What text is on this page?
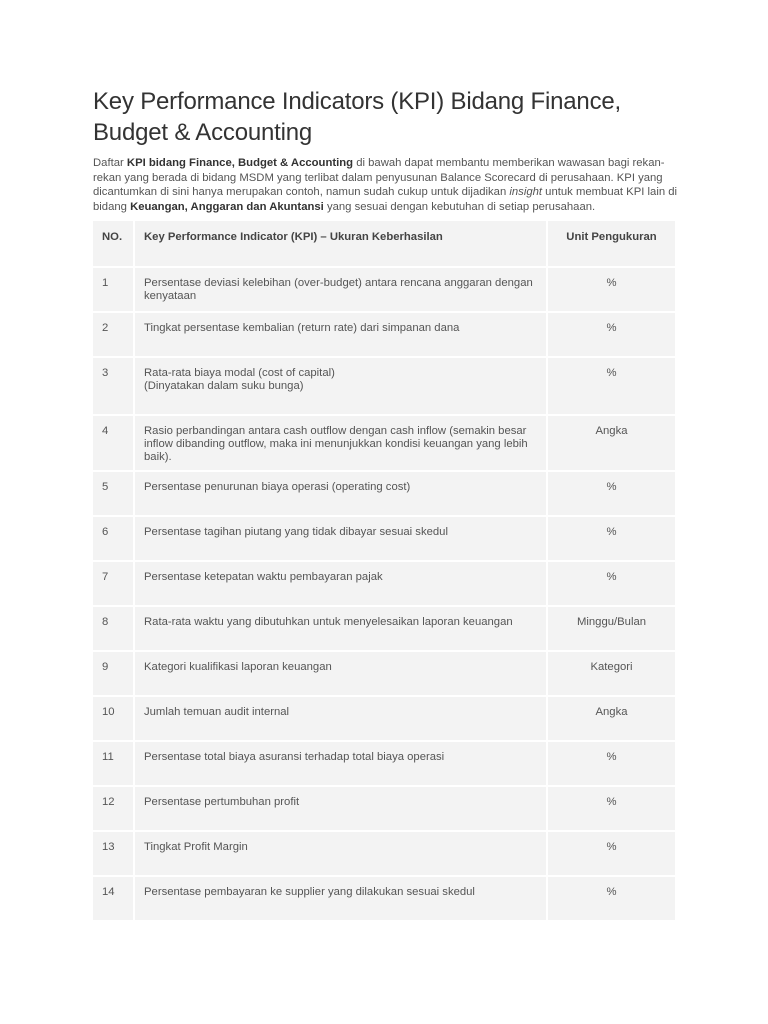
Key Performance Indicators (KPI) Bidang Finance, Budget & Accounting

Daftar KPI bidang Finance, Budget & Accounting di bawah dapat membantu memberikan wawasan bagi rekan-rekan yang berada di bidang MSDM yang terlibat dalam penyusunan Balance Scorecard di perusahaan. KPI yang dicantumkan di sini hanya merupakan contoh, namun sudah cukup untuk dijadikan insight untuk membuat KPI lain di bidang Keuangan, Anggaran dan Akuntansi yang sesuai dengan kebutuhan di setiap perusahaan.

NO.	Key Performance Indicator (KPI) – Ukuran Keberhasilan	Unit Pengukuran
1	Persentase deviasi kelebihan (over-budget) antara rencana anggaran dengan kenyataan	%
2	Tingkat persentase kembalian (return rate) dari simpanan dana	%
3	Rata-rata biaya modal (cost of capital)
(Dinyatakan dalam suku bunga)	%
4	Rasio perbandingan antara cash outflow dengan cash inflow (semakin besar inflow dibanding outflow, maka ini menunjukkan kondisi keuangan yang lebih baik).	Angka
5	Persentase penurunan biaya operasi (operating cost)	%
6	Persentase tagihan piutang yang tidak dibayar sesuai skedul	%
7	Persentase ketepatan waktu pembayaran pajak	%
8	Rata-rata waktu yang dibutuhkan untuk menyelesaikan laporan keuangan	Minggu/Bulan
9	Kategori kualifikasi laporan keuangan	Kategori
10	Jumlah temuan audit internal	Angka
11	Persentase total biaya asuransi terhadap total biaya operasi	%
12	Persentase pertumbuhan profit	%
13	Tingkat Profit Margin	%
14	Persentase pembayaran ke supplier yang dilakukan sesuai skedul	%
